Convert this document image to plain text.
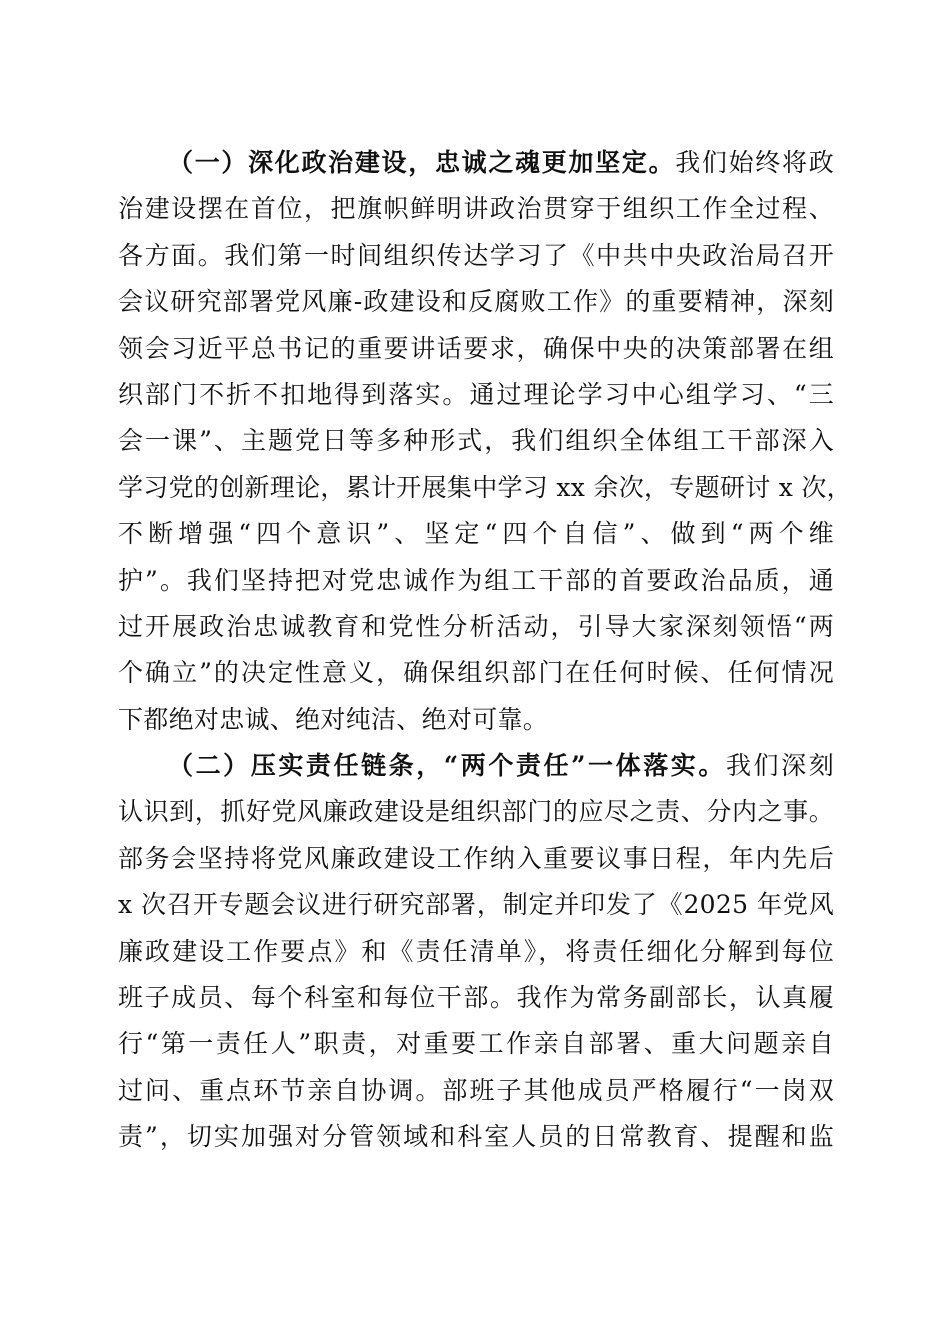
（一）深化政治建设，忠诚之魂更加坚定。我们始终将政
治建设摆在首位，把旗帜鲜明讲政治贯穿于组织工作全过程、
各方面。我们第一时间组织传达学习了《中共中央政治局召开
会议研究部署党风廉-政建设和反腐败工作》的重要精神，深刻
领会习近平总书记的重要讲话要求，确保中央的决策部署在组
织部门不折不扣地得到落实。通过理论学习中心组学习、“三
会一课”、主题党日等多种形式，我们组织全体组工干部深入
学习党的创新理论，累计开展集中学习 xx 余次，专题研讨 x 次，
不断增强“四个意识”、坚定“四个自信”、做到“两个维
护”。我们坚持把对党忠诚作为组工干部的首要政治品质，通
过开展政治忠诚教育和党性分析活动，引导大家深刻领悟“两
个确立”的决定性意义，确保组织部门在任何时候、任何情况
下都绝对忠诚、绝对纯洁、绝对可靠。
（二）压实责任链条，“两个责任”一体落实。我们深刻
认识到，抓好党风廉政建设是组织部门的应尽之责、分内之事。
部务会坚持将党风廉政建设工作纳入重要议事日程，年内先后
x 次召开专题会议进行研究部署，制定并印发了《2025 年党风
廉政建设工作要点》和《责任清单》，将责任细化分解到每位
班子成员、每个科室和每位干部。我作为常务副部长，认真履
行“第一责任人”职责，对重要工作亲自部署、重大问题亲自
过问、重点环节亲自协调。部班子其他成员严格履行“一岗双
责”，切实加强对分管领域和科室人员的日常教育、提醒和监
